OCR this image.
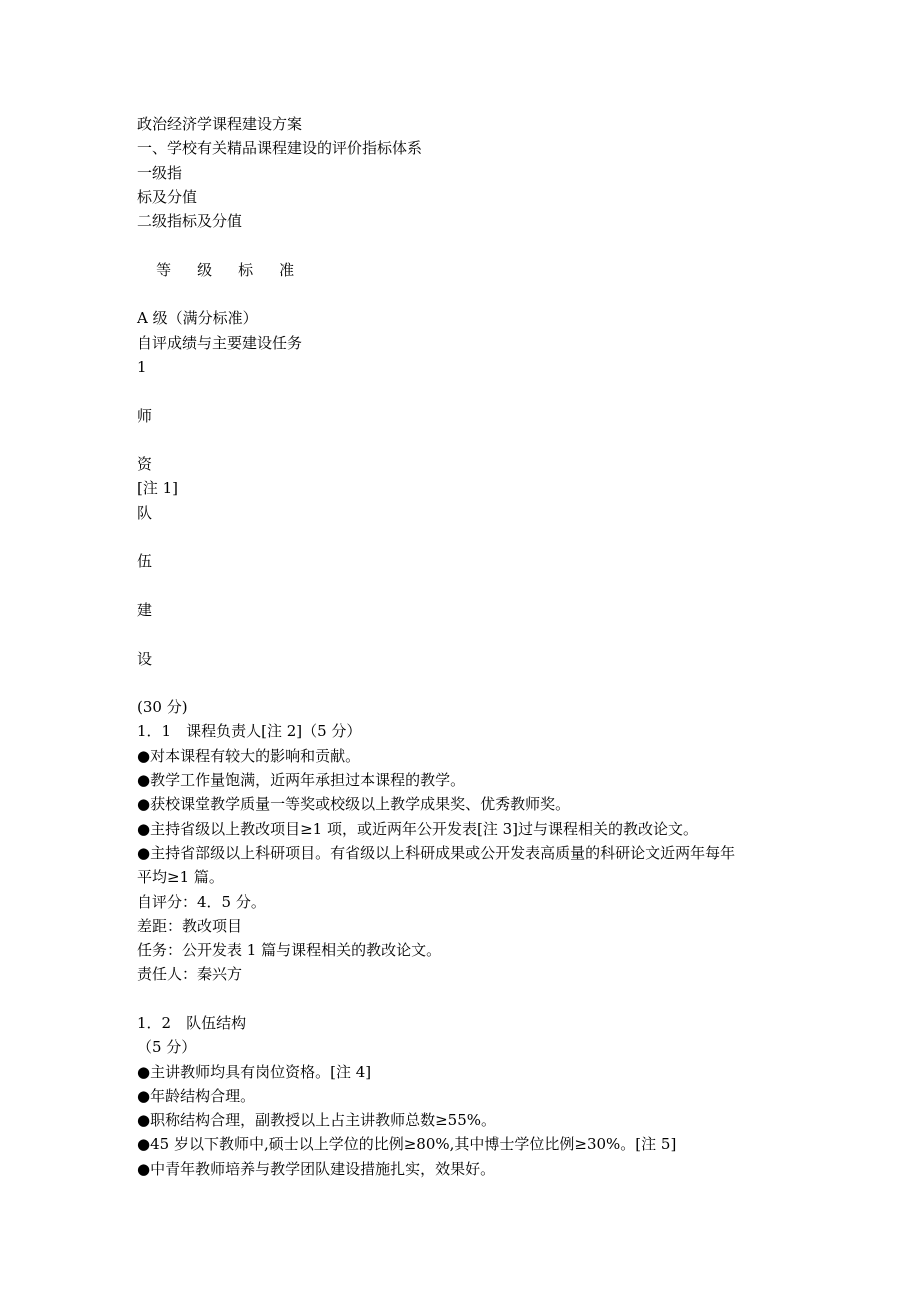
政治经济学课程建设方案
一、学校有关精品课程建设的评价指标体系
一级指
标及分值
二级指标及分值

等 级 标 准

A 级（满分标准）
自评成绩与主要建设任务
1
师
资
[注 1]
队
伍
建
设
(30 分)
1．1　课程负责人[注 2]（5 分）
●对本课程有较大的影响和贡献。
●教学工作量饱满，近两年承担过本课程的教学。
●获校课堂教学质量一等奖或校级以上教学成果奖、优秀教师奖。
●主持省级以上教改项目≥1 项，或近两年公开发表[注 3]过与课程相关的教改论文。
●主持省部级以上科研项目。有省级以上科研成果或公开发表高质量的科研论文近两年每年
平均≥1 篇。
自评分：4．5 分。
差距：教改项目
任务：公开发表 1 篇与课程相关的教改论文。
责任人：秦兴方
1．2　队伍结构
（5 分）
●主讲教师均具有岗位资格。[注 4]
●年龄结构合理。
●职称结构合理，副教授以上占主讲教师总数≥55%。
●45 岁以下教师中,硕士以上学位的比例≥80%,其中博士学位比例≥30%。[注 5]
●中青年教师培养与教学团队建设措施扎实，效果好。
